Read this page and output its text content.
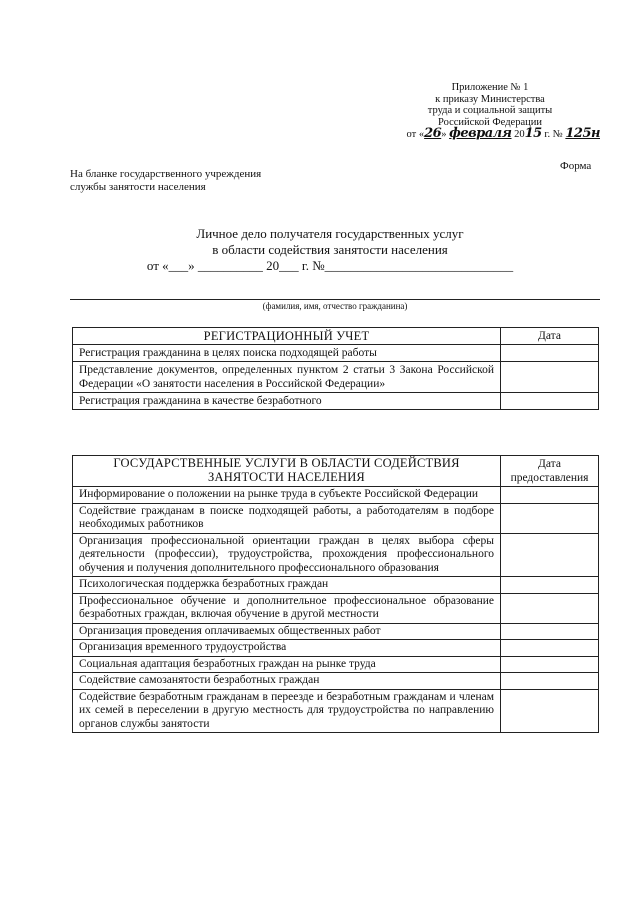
Приложение № 1
к приказу Министерства
труда и социальной защиты
Российской Федерации
от «26» февраля 2015 г. № 125н
Форма
На бланке государственного учреждения службы занятости населения
Личное дело получателя государственных услуг
в области содействия занятости населения
от «___» __________ 20___ г. №_____________________________
(фамилия, имя, отчество гражданина)
РЕГИСТРАЦИОННЫЙ УЧЕТ	Дата
Регистрация гражданина в целях поиска подходящей работы	
Представление документов, определенных пунктом 2 статьи 3 Закона Российской Федерации «О занятости населения в Российской Федерации»	
Регистрация гражданина в качестве безработного	
ГОСУДАРСТВЕННЫЕ УСЛУГИ В ОБЛАСТИ СОДЕЙСТВИЯ ЗАНЯТОСТИ НАСЕЛЕНИЯ	Дата предоставления
Информирование о положении на рынке труда в субъекте Российской Федерации	
Содействие гражданам в поиске подходящей работы, а работодателям в подборе необходимых работников	
Организация профессиональной ориентации граждан в целях выбора сферы деятельности (профессии), трудоустройства, прохождения профессионального обучения и получения дополнительного профессионального образования	
Психологическая поддержка безработных граждан	
Профессиональное обучение и дополнительное профессиональное образование безработных граждан, включая обучение в другой местности	
Организация проведения оплачиваемых общественных работ	
Организация временного трудоустройства	
Социальная адаптация безработных граждан на рынке труда	
Содействие самозанятости безработных граждан	
Содействие безработным гражданам в переезде и безработным гражданам и членам их семей в переселении в другую местность для трудоустройства по направлению органов службы занятости	
